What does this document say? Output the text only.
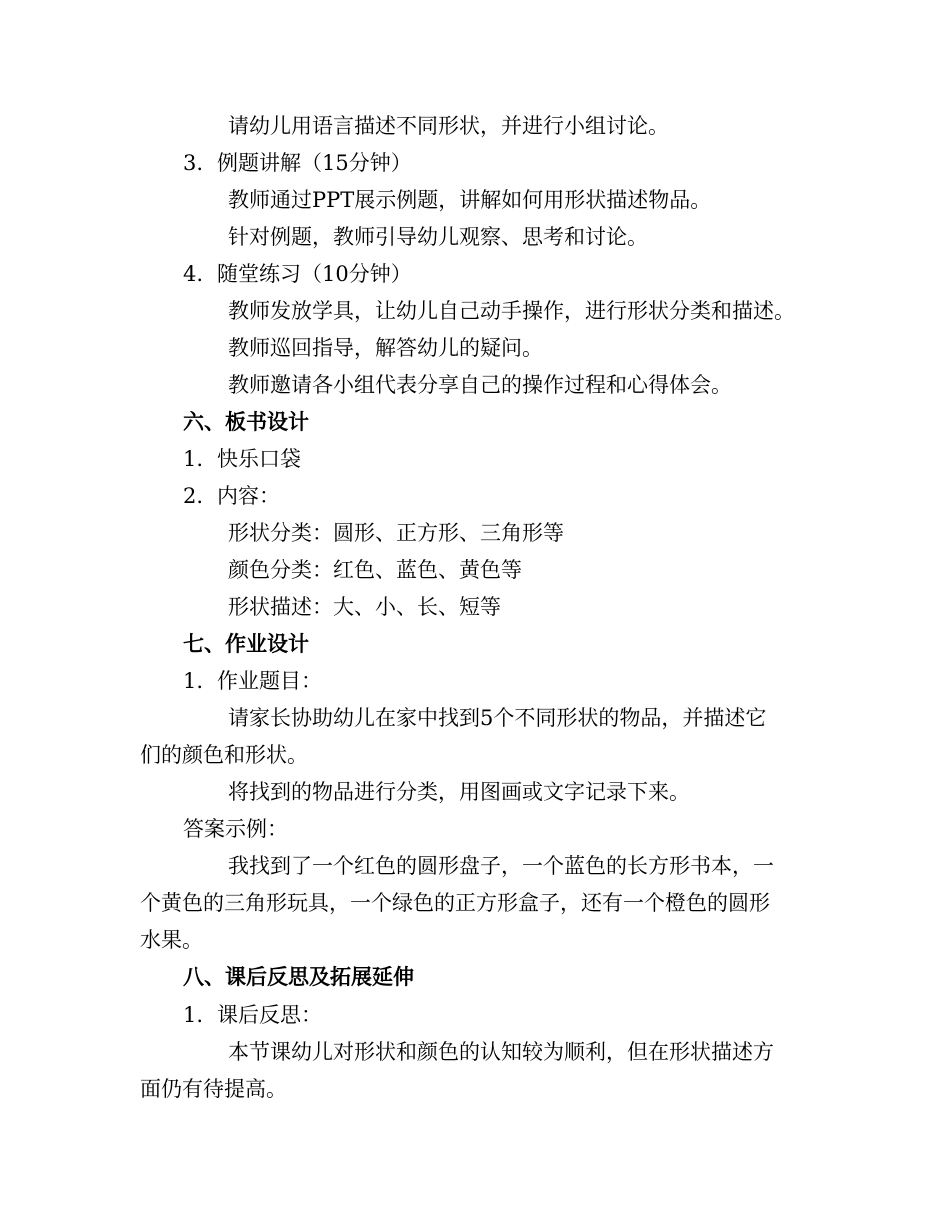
请幼儿用语言描述不同形状，并进行小组讨论。
3. 例题讲解（15分钟）
教师通过PPT展示例题，讲解如何用形状描述物品。
针对例题，教师引导幼儿观察、思考和讨论。
4. 随堂练习（10分钟）
教师发放学具，让幼儿自己动手操作，进行形状分类和描述。
教师巡回指导，解答幼儿的疑问。
教师邀请各小组代表分享自己的操作过程和心得体会。
六、板书设计
1. 快乐口袋
2. 内容：
形状分类：圆形、正方形、三角形等
颜色分类：红色、蓝色、黄色等
形状描述：大、小、长、短等
七、作业设计
1. 作业题目：
请家长协助幼儿在家中找到5个不同形状的物品，并描述它
们的颜色和形状。
将找到的物品进行分类，用图画或文字记录下来。
答案示例：
我找到了一个红色的圆形盘子，一个蓝色的长方形书本，一
个黄色的三角形玩具，一个绿色的正方形盒子，还有一个橙色的圆形
水果。
八、课后反思及拓展延伸
1. 课后反思：
本节课幼儿对形状和颜色的认知较为顺利，但在形状描述方
面仍有待提高。
